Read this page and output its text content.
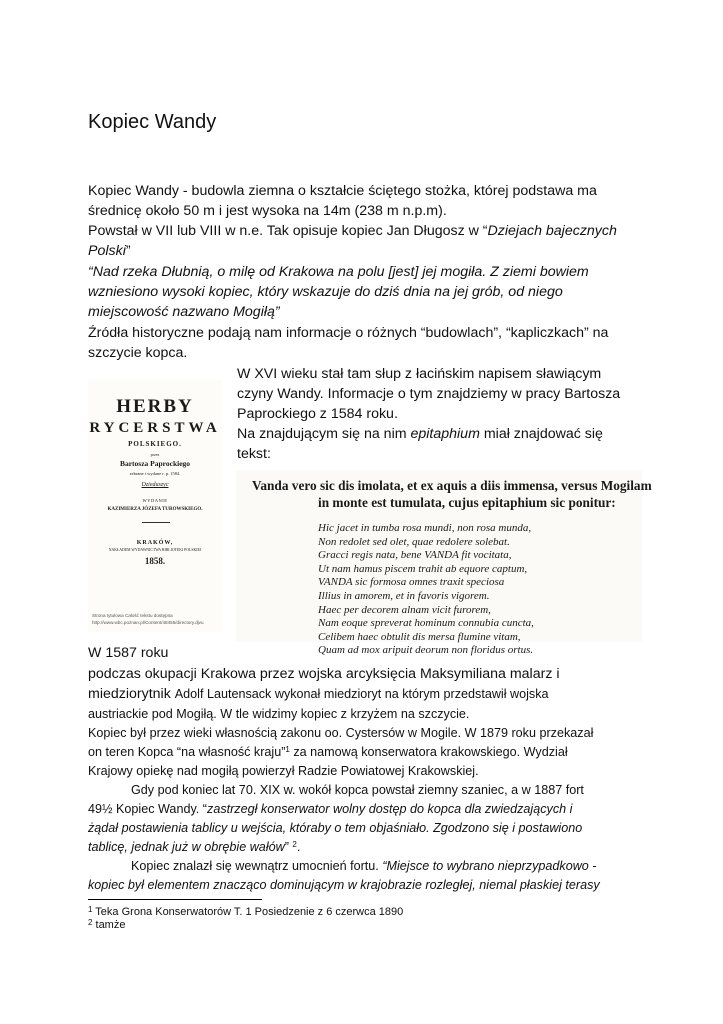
Kopiec Wandy
Kopiec Wandy - budowla ziemna o kształcie ściętego stożka, której podstawa ma
średnicę około 50 m i jest wysoka na 14m (238 m n.p.m).
Powstał w VII lub VIII w n.e. Tak opisuje kopiec Jan Długosz w “Dziejach bajecznych
Polski”
“Nad rzeka Dłubnią, o milę od Krakowa na polu [jest] jej mogiła. Z ziemi bowiem
wzniesiono wysoki kopiec, który wskazuje do dziś dnia na jej grób, od niego
miejscowość nazwano Mogiłą”
Źródła historyczne podają nam informacje o różnych “budowlach”, “kapliczkach” na
szczycie kopca.
W XVI wieku stał tam słup z łacińskim napisem sławiącym
czyny Wandy. Informacje o tym znajdziemy w pracy Bartosza
Paprockiego z 1584 roku.
Na znajdującym się na nim epitaphium miał znajdować się
tekst:
HERBY
RYCERSTWA
POLSKIEGO.
przez
Bartosza Paprockiego
zebrane i wydane r. p. 1584.
Dzieduszyc
WYDANIE
KAZIMIERZA JÓZEFA TUROWSKIEGO.
KRAKÓW,
NAKŁADEM WYDAWNICTWA BIBLIOTEKI POLSKIEJ
1858.
Strona tytułowa Całość tekstu dostępna
http://www.wbc.poznan.pl/Content/48455/directory.djvu
Vanda vero sic dis imolata, et ex aquis a diis immensa, versus Mogilam
in monte est tumulata, cujus epitaphium sic ponitur:
Hic jacet in tumba rosa mundi, non rosa munda,
Non redolet sed olet, quae redolere solebat.
Gracci regis nata, bene VANDA fit vocitata,
Ut nam hamus piscem trahit ab equore captum,
VANDA sic formosa omnes traxit speciosa
Illius in amorem, et in favoris vigorem.
Haec per decorem alnam vicit furorem,
Nam eoque spreverat hominum connubia cuncta,
Celibem haec obtulit dis mersa flumine vitam,
Quam ad mox aripuit deorum non floridus ortus.
W 1587 roku
podczas okupacji Krakowa przez wojska arcyksięcia Maksymiliana malarz i
miedziorytnik Adolf Lautensack wykonał miedzioryt na którym przedstawił wojska
austriackie pod Mogiłą. W tle widzimy kopiec z krzyżem na szczycie.
Kopiec był przez wieki własnością zakonu oo. Cystersów w Mogile. W 1879 roku przekazał
on teren Kopca “na własność kraju”$^1$ za namową konserwatora krakowskiego. Wydział
Krajowy opiekę nad mogiłą powierzył Radzie Powiatowej Krakowskiej.
Gdy pod koniec lat 70. XIX w. wokół kopca powstał ziemny szaniec, a w 1887 fort
49½ Kopiec Wandy. “zastrzegł konserwator wolny dostęp do kopca dla zwiedzających i
żądał postawienia tablicy u wejścia, któraby o tem objaśniało. Zgodzono się i postawiono
tablicę, jednak już w obrębie wałów” $^2$.
Kopiec znalazł się wewnątrz umocnień fortu. “Miejsce to wybrano nieprzypadkowo -
kopiec był elementem znacząco dominującym w krajobrazie rozległej, niemal płaskiej terasy
$^1$ Teka Grona Konserwatorów T. 1 Posiedzenie z 6 czerwca 1890
$^2$ tamże
